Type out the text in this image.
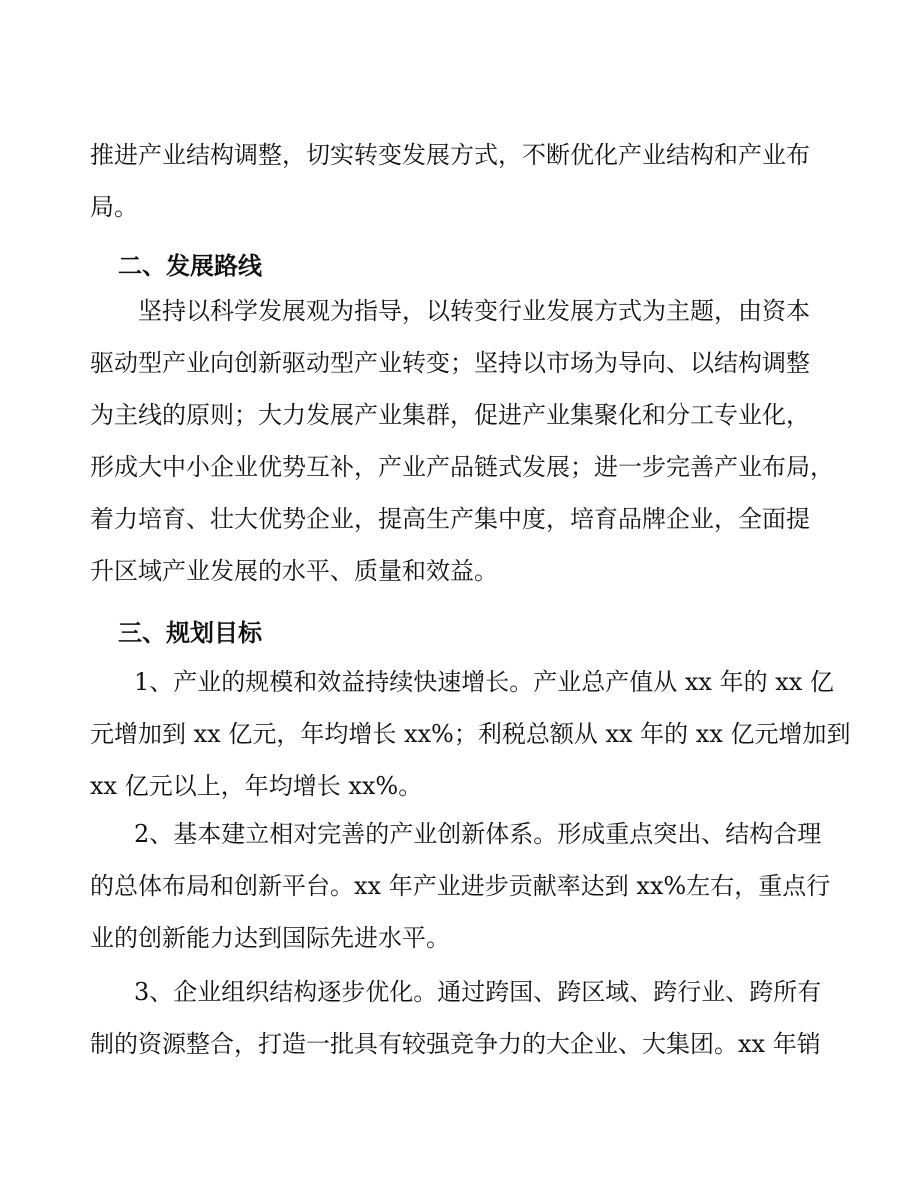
推进产业结构调整，切实转变发展方式，不断优化产业结构和产业布
局。
二、发展路线
坚持以科学发展观为指导，以转变行业发展方式为主题，由资本
驱动型产业向创新驱动型产业转变；坚持以市场为导向、以结构调整
为主线的原则；大力发展产业集群，促进产业集聚化和分工专业化，
形成大中小企业优势互补，产业产品链式发展；进一步完善产业布局，
着力培育、壮大优势企业，提高生产集中度，培育品牌企业，全面提
升区域产业发展的水平、质量和效益。
三、规划目标
1、产业的规模和效益持续快速增长。产业总产值从 xx 年的 xx 亿
元增加到 xx 亿元，年均增长 xx%；利税总额从 xx 年的 xx 亿元增加到
xx 亿元以上，年均增长 xx%。
2、基本建立相对完善的产业创新体系。形成重点突出、结构合理
的总体布局和创新平台。xx 年产业进步贡献率达到 xx%左右，重点行
业的创新能力达到国际先进水平。
3、企业组织结构逐步优化。通过跨国、跨区域、跨行业、跨所有
制的资源整合，打造一批具有较强竞争力的大企业、大集团。xx 年销
